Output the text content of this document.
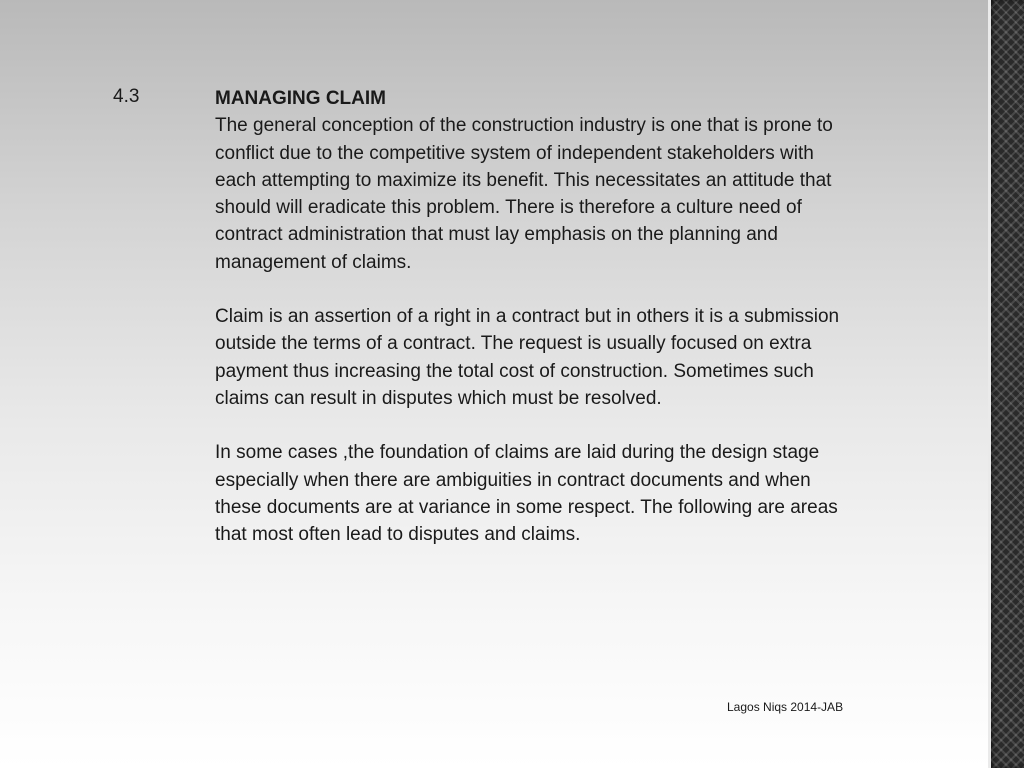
4.3	MANAGING CLAIM

The general conception of the construction industry is one that is prone to
conflict due to the competitive system of independent stakeholders with
each attempting to maximize its benefit. This necessitates an attitude that
should will eradicate this problem. There is therefore a culture need of
contract administration that must lay emphasis on the planning and
management of claims.

Claim is an assertion of a right in a contract but in others it is a submission
outside the terms of a contract. The request is usually focused on extra
payment thus increasing the total cost of construction. Sometimes such
claims can result in disputes which must be resolved.

In some cases ,the foundation of claims are laid during the design stage
especially when there are ambiguities in contract documents and when
these documents are at variance in some respect. The following are areas
that most often lead to disputes and claims.

Lagos Niqs 2014-JAB
